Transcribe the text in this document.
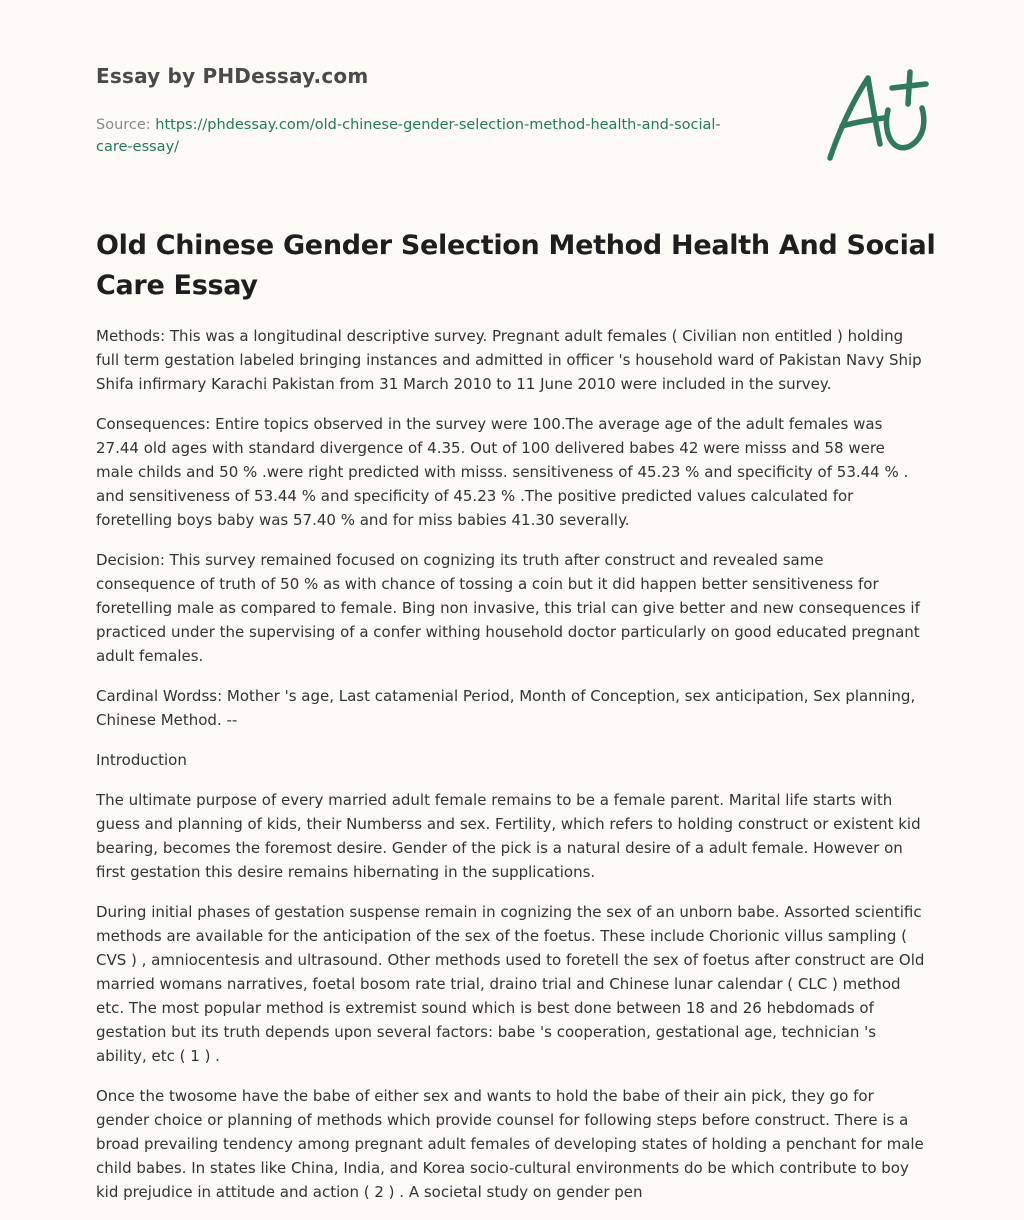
Essay by PHDessay.com
Source: https://phdessay.com/old-chinese-gender-selection-method-health-and-social-care-essay/
Old Chinese Gender Selection Method Health And Social Care Essay

Methods: This was a longitudinal descriptive survey. Pregnant adult females ( Civilian non entitled ) holding full term gestation labeled bringing instances and admitted in officer 's household ward of Pakistan Navy Ship Shifa infirmary Karachi Pakistan from 31 March 2010 to 11 June 2010 were included in the survey.

Consequences: Entire topics observed in the survey were 100.The average age of the adult females was 27.44 old ages with standard divergence of 4.35. Out of 100 delivered babes 42 were misss and 58 were male childs and 50 % .were right predicted with misss. sensitiveness of 45.23 % and specificity of 53.44 % . and sensitiveness of 53.44 % and specificity of 45.23 % .The positive predicted values calculated for foretelling boys baby was 57.40 % and for miss babies 41.30 severally.

Decision: This survey remained focused on cognizing its truth after construct and revealed same consequence of truth of 50 % as with chance of tossing a coin but it did happen better sensitiveness for foretelling male as compared to female. Bing non invasive, this trial can give better and new consequences if practiced under the supervising of a confer withing household doctor particularly on good educated pregnant adult females.

Cardinal Wordss: Mother 's age, Last catamenial Period, Month of Conception, sex anticipation, Sex planning, Chinese Method. --

Introduction

The ultimate purpose of every married adult female remains to be a female parent. Marital life starts with guess and planning of kids, their Numberss and sex. Fertility, which refers to holding construct or existent kid bearing, becomes the foremost desire. Gender of the pick is a natural desire of a adult female. However on first gestation this desire remains hibernating in the supplications.

During initial phases of gestation suspense remain in cognizing the sex of an unborn babe. Assorted scientific methods are available for the anticipation of the sex of the foetus. These include Chorionic villus sampling ( CVS ) , amniocentesis and ultrasound. Other methods used to foretell the sex of foetus after construct are Old married womans narratives, foetal bosom rate trial, draino trial and Chinese lunar calendar ( CLC ) method etc. The most popular method is extremist sound which is best done between 18 and 26 hebdomads of gestation but its truth depends upon several factors: babe 's cooperation, gestational age, technician 's ability, etc ( 1 ) .

Once the twosome have the babe of either sex and wants to hold the babe of their ain pick, they go for gender choice or planning of methods which provide counsel for following steps before construct. There is a broad prevailing tendency among pregnant adult females of developing states of holding a penchant for male child babes. In states like China, India, and Korea socio-cultural environments do be which contribute to boy kid prejudice in attitude and action ( 2 ) . A societal study on gender pen
